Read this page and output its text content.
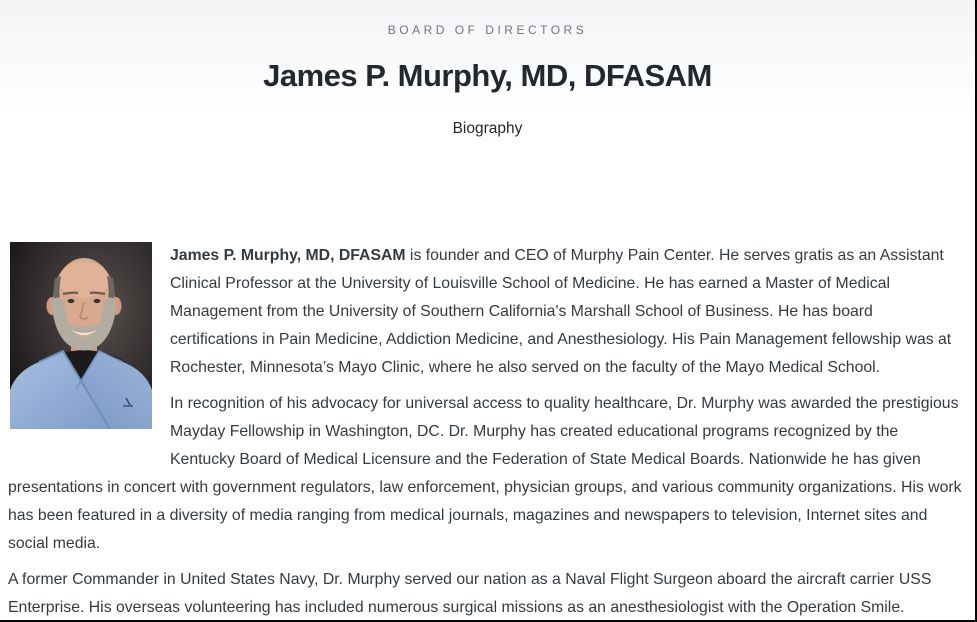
BOARD OF DIRECTORS
James P. Murphy, MD, DFASAM
Biography

James P. Murphy, MD, DFASAM is founder and CEO of Murphy Pain Center. He serves gratis as an Assistant Clinical Professor at the University of Louisville School of Medicine. He has earned a Master of Medical Management from the University of Southern California's Marshall School of Business. He has board certifications in Pain Medicine, Addiction Medicine, and Anesthesiology. His Pain Management fellowship was at Rochester, Minnesota’s Mayo Clinic, where he also served on the faculty of the Mayo Medical School.

In recognition of his advocacy for universal access to quality healthcare, Dr. Murphy was awarded the prestigious Mayday Fellowship in Washington, DC. Dr. Murphy has created educational programs recognized by the Kentucky Board of Medical Licensure and the Federation of State Medical Boards. Nationwide he has given presentations in concert with government regulators, law enforcement, physician groups, and various community organizations. His work has been featured in a diversity of media ranging from medical journals, magazines and newspapers to television, Internet sites and social media.

A former Commander in United States Navy, Dr. Murphy served our nation as a Naval Flight Surgeon aboard the aircraft carrier USS Enterprise. His overseas volunteering has included numerous surgical missions as an anesthesiologist with the Operation Smile.
